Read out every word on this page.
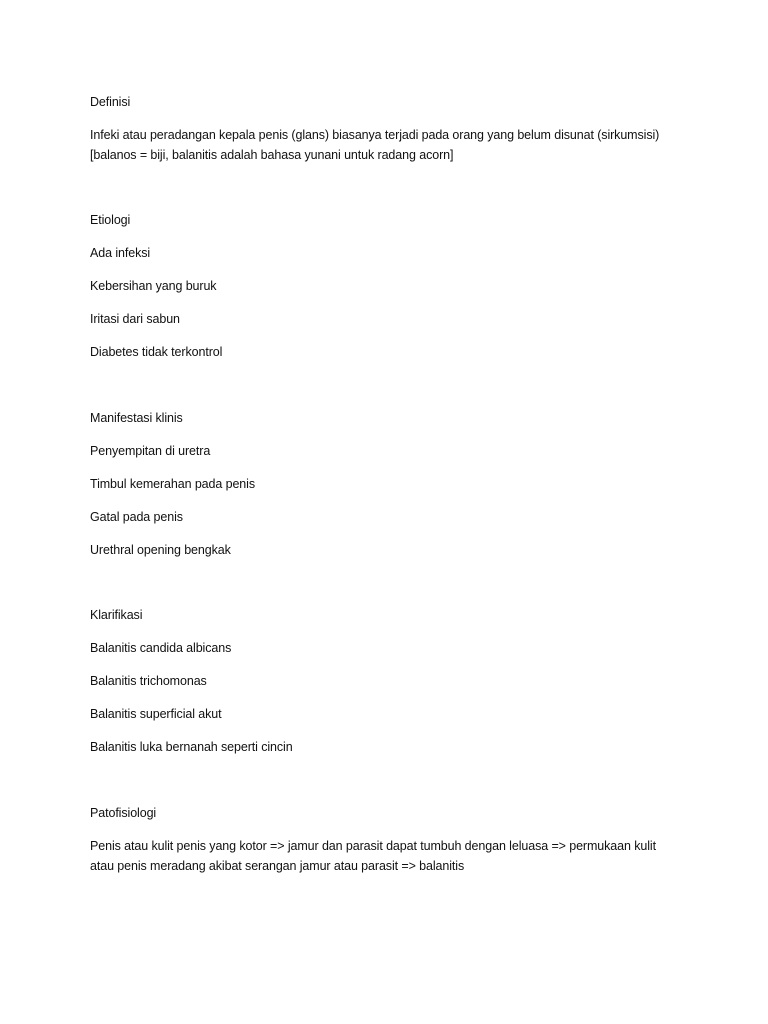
Definisi
Infeki atau peradangan kepala penis (glans) biasanya terjadi pada orang yang belum disunat (sirkumsisi)
[balanos = biji, balanitis adalah bahasa yunani untuk radang acorn]
Etiologi
Ada infeksi
Kebersihan yang buruk
Iritasi dari sabun
Diabetes tidak terkontrol
Manifestasi klinis
Penyempitan di uretra
Timbul kemerahan pada penis
Gatal pada penis
Urethral opening bengkak
Klarifikasi
Balanitis candida albicans
Balanitis trichomonas
Balanitis superficial akut
Balanitis luka bernanah seperti cincin
Patofisiologi
Penis atau kulit penis yang kotor => jamur dan parasit dapat tumbuh dengan leluasa => permukaan kulit
atau penis meradang akibat serangan jamur atau parasit => balanitis
